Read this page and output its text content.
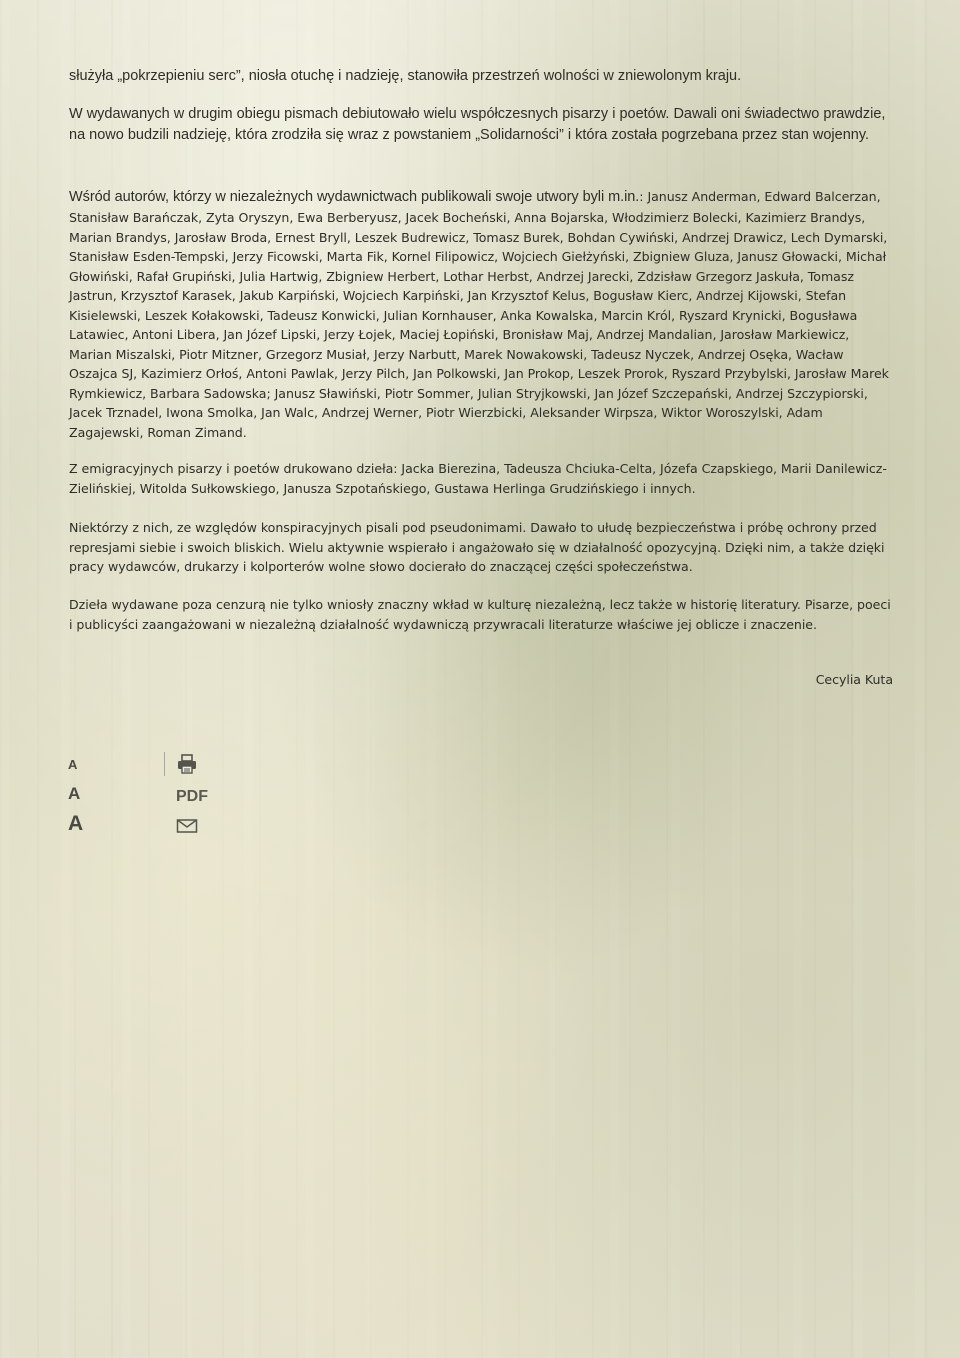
służyła „pokrzepieniu serc”, niosła otuchę i nadzieję, stanowiła przestrzeń wolności w zniewolonym kraju.

W wydawanych w drugim obiegu pismach debiutowało wielu współczesnych pisarzy i poetów. Dawali oni świadectwo prawdzie, na nowo budzili nadzieję, która zrodziła się wraz z powstaniem „Solidarności” i która została pogrzebana przez stan wojenny.

Wśród autorów, którzy w niezależnych wydawnictwach publikowali swoje utwory byli m.in.: Janusz Anderman, Edward Balcerzan, Stanisław Barańczak, Zyta Oryszyn, Ewa Berberyusz, Jacek Bocheński, Anna Bojarska, Włodzimierz Bolecki, Kazimierz Brandys, Marian Brandys, Jarosław Broda, Ernest Bryll, Leszek Budrewicz, Tomasz Burek, Bohdan Cywiński, Andrzej Drawicz, Lech Dymarski, Stanisław Esden-Tempski, Jerzy Ficowski, Marta Fik, Kornel Filipowicz, Wojciech Giełżyński, Zbigniew Gluza, Janusz Głowacki, Michał Głowiński, Rafał Grupiński, Julia Hartwig, Zbigniew Herbert, Lothar Herbst, Andrzej Jarecki, Zdzisław Grzegorz Jaskuła, Tomasz Jastrun, Krzysztof Karasek, Jakub Karpiński, Wojciech Karpiński, Jan Krzysztof Kelus, Bogusław Kierc, Andrzej Kijowski, Stefan Kisielewski, Leszek Kołakowski, Tadeusz Konwicki, Julian Kornhauser, Anka Kowalska, Marcin Król, Ryszard Krynicki, Bogusława Latawiec, Antoni Libera, Jan Józef Lipski, Jerzy Łojek, Maciej Łopiński, Bronisław Maj, Andrzej Mandalian, Jarosław Markiewicz, Marian Miszalski, Piotr Mitzner, Grzegorz Musiał, Jerzy Narbutt, Marek Nowakowski, Tadeusz Nyczek, Andrzej Osęka, Wacław Oszajca SJ, Kazimierz Orłoś, Antoni Pawlak, Jerzy Pilch, Jan Polkowski, Jan Prokop, Leszek Prorok, Ryszard Przybylski, Jarosław Marek Rymkiewicz, Barbara Sadowska; Janusz Sławiński, Piotr Sommer, Julian Stryjkowski, Jan Józef Szczepański, Andrzej Szczypiorski, Jacek Trznadel, Iwona Smolka, Jan Walc, Andrzej Werner, Piotr Wierzbicki, Aleksander Wirpsza, Wiktor Woroszylski, Adam Zagajewski, Roman Zimand.

Z emigracyjnych pisarzy i poetów drukowano dzieła: Jacka Bierezina, Tadeusza Chciuka-Celta, Józefa Czapskiego, Marii Danilewicz-Zielińskiej, Witolda Sułkowskiego, Janusza Szpotańskiego, Gustawa Herlinga Grudzińskiego i innych.

Niektórzy z nich, ze względów konspiracyjnych pisali pod pseudonimami. Dawało to ułudę bezpieczeństwa i próbę ochrony przed represjami siebie i swoich bliskich. Wielu aktywnie wspierało i angażowało się w działalność opozycyjną. Dzięki nim, a także dzięki pracy wydawców, drukarzy i kolporterów wolne słowo docierało do znaczącej części społeczeństwa.

Dzieła wydawane poza cenzurą nie tylko wniosły znaczny wkład w kulturę niezależną, lecz także w historię literatury. Pisarze, poeci i publicyści zaangażowani w niezależną działalność wydawniczą przywracali literaturze właściwe jej oblicze i znaczenie.

Cecylia Kuta

A
A
A
PDF
